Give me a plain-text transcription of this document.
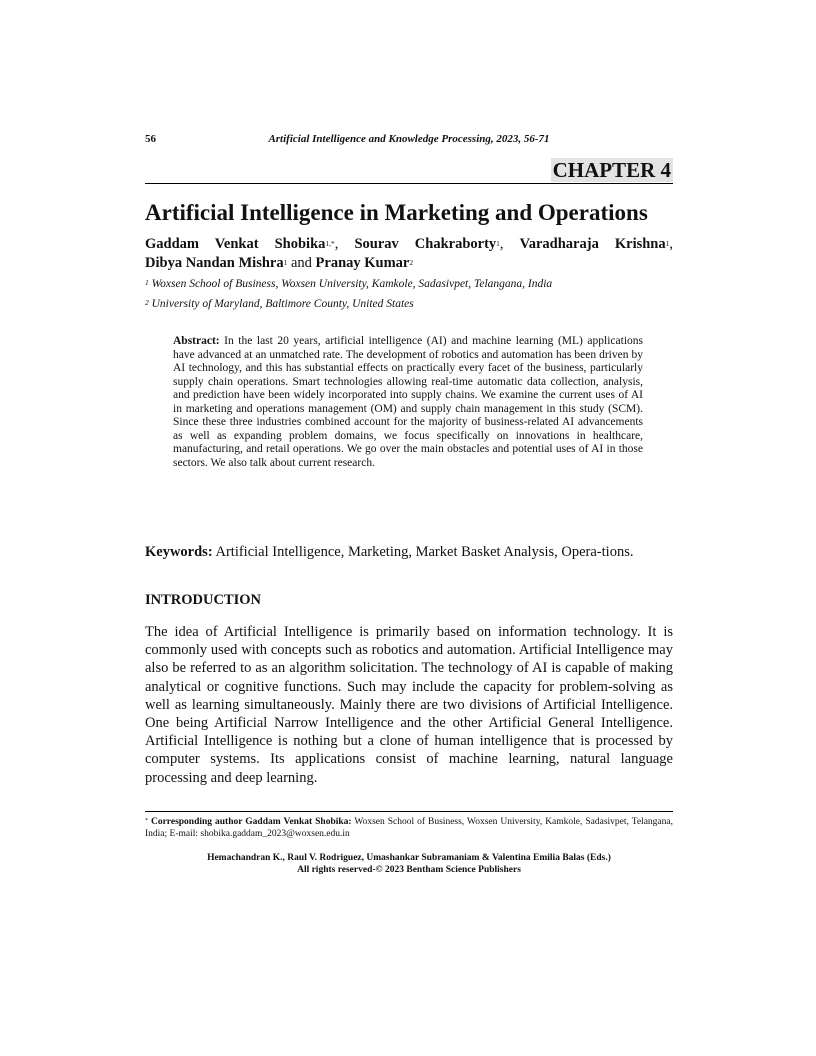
56	Artificial Intelligence and Knowledge Processing, 2023, 56-71
CHAPTER 4
Artificial Intelligence in Marketing and Operations
Gaddam Venkat Shobika$^{1,*}$, Sourav Chakraborty$^1$, Varadharaja Krishna$^1$,
Dibya Nandan Mishra$^1$ and Pranay Kumar$^2$
$^1$ Woxsen School of Business, Woxsen University, Kamkole, Sadasivpet, Telangana, India
$^2$ University of Maryland, Baltimore County, United States
Abstract: In the last 20 years, artificial intelligence (AI) and machine learning (ML) applications have advanced at an unmatched rate. The development of robotics and automation has been driven by AI technology, and this has substantial effects on practically every facet of the business, particularly supply chain operations. Smart technologies allowing real-time automatic data collection, analysis, and prediction have been widely incorporated into supply chains. We examine the current uses of AI in marketing and operations management (OM) and supply chain management in this study (SCM). Since these three industries combined account for the majority of business-related AI advancements as well as expanding problem domains, we focus specifically on innovations in healthcare, manufacturing, and retail operations. We go over the main obstacles and potential uses of AI in those sectors. We also talk about current research.
Keywords: Artificial Intelligence, Marketing, Market Basket Analysis, Opera-tions.
INTRODUCTION
The idea of Artificial Intelligence is primarily based on information technology. It is commonly used with concepts such as robotics and automation. Artificial Intelligence may also be referred to as an algorithm solicitation. The technology of AI is capable of making analytical or cognitive functions. Such may include the capacity for problem-solving as well as learning simultaneously. Mainly there are two divisions of Artificial Intelligence. One being Artificial Narrow Intelligence and the other Artificial General Intelligence. Artificial Intelligence is nothing but a clone of human intelligence that is processed by computer systems. Its applications consist of machine learning, natural language processing and deep learning.
* Corresponding author Gaddam Venkat Shobika: Woxsen School of Business, Woxsen University, Kamkole, Sadasivpet, Telangana, India; E-mail: shobika.gaddam_2023@woxsen.edu.in
Hemachandran K., Raul V. Rodriguez, Umashankar Subramaniam & Valentina Emilia Balas (Eds.)
All rights reserved-© 2023 Bentham Science Publishers
